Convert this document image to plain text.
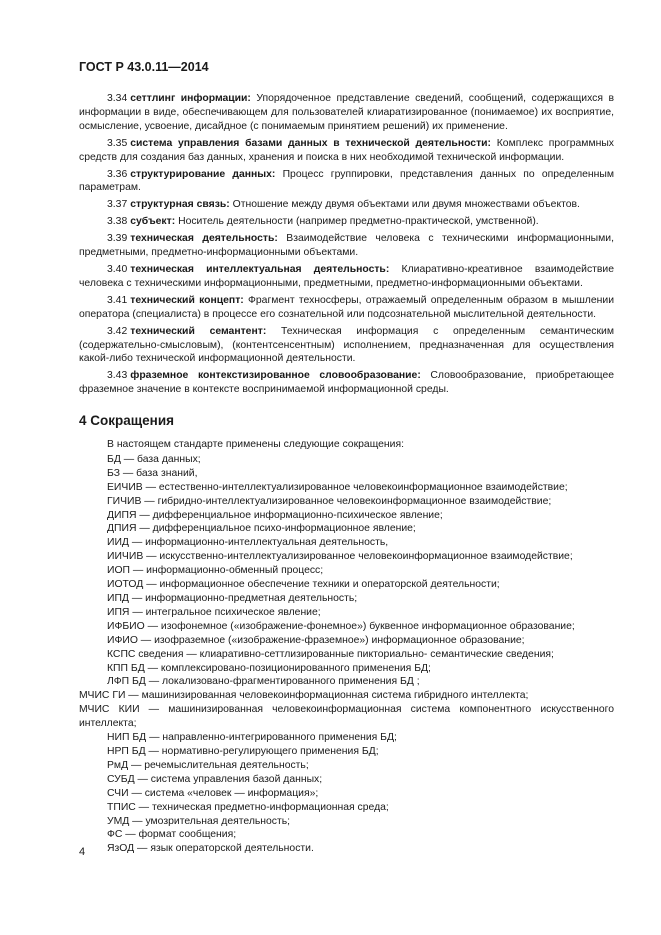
ГОСТ Р 43.0.11—2014

3.34 сеттлинг информации: Упорядоченное представление сведений, сообщений, содержащихся в информации в виде, обеспечивающем для пользователей клиаратизированное (понимаемое) их восприятие, осмысление, усвоение, дисайдное (с понимаемым принятием решений) их применение.

3.35 система управления базами данных в технической деятельности: Комплекс программных средств для создания баз данных, хранения и поиска в них необходимой технической информации.

3.36 структурирование данных: Процесс группировки, представления данных по определенным параметрам.

3.37 структурная связь: Отношение между двумя объектами или двумя множествами объектов.

3.38 субъект: Носитель деятельности (например предметно-практической, умственной).

3.39 техническая деятельность: Взаимодействие человека с техническими информационными, предметными, предметно-информационными объектами.

3.40 техническая интеллектуальная деятельность: Клиаративно-креативное взаимодействие человека с техническими информационными, предметными, предметно-информационными объектами.

3.41 технический концепт: Фрагмент техносферы, отражаемый определенным образом в мышлении оператора (специалиста) в процессе его сознательной или подсознательной мыслительной деятельности.

3.42 технический семантент: Техническая информация с определенным семантическим (содержательно-смысловым), (контентсенсентным) исполнением, предназначенная для осуществления какой-либо технической информационной деятельности.

3.43 фраземное контекстизированное словообразование: Словообразование, приобретающее фраземное значение в контексте воспринимаемой информационной среды.

4 Сокращения

В настоящем стандарте применены следующие сокращения:

БД — база данных;
БЗ — база знаний,
ЕИЧИВ — естественно-интеллектуализированное человекоинформационное взаимодействие;
ГИЧИВ — гибридно-интеллектуализированное человекоинформационное взаимодействие;
ДИПЯ — дифференциальное информационно-психическое явление;
ДПИЯ — дифференциальное психо-информационное явление;
ИИД — информационно-интеллектуальная деятельность,
ИИЧИВ — искусственно-интеллектуализированное человекоинформационное взаимодействие;
ИОП — информационно-обменный процесс;
ИОТОД — информационное обеспечение техники и операторской деятельности;
ИПД — информационно-предметная деятельность;
ИПЯ — интегральное психическое явление;
ИФБИО — изофонемное («изображение-фонемное») буквенное информационное образование;
ИФИО — изофраземное («изображение-фраземное») информационное образование;
КСПС сведения — клиаративно-сеттлизированные пикториально- семантические сведения;
КПП БД — комплексировано-позиционированного применения БД;
ЛФП БД — локализовано-фрагментированного применения БД ;
МЧИС ГИ — машинизированная человекоинформационная система гибридного интеллекта;
МЧИС КИИ — машинизированная человекоинформационная система компонентного искусственного интеллекта;
НИП БД — направленно-интегрированного применения БД;
НРП БД — нормативно-регулирующего применения БД;
РмД — речемыслительная деятельность;
СУБД — система управления базой данных;
СЧИ — система «человек — информация»;
ТПИС — техническая предметно-информационная среда;
УМД — умозрительная деятельность;
ФС — формат сообщения;
ЯзОД — язык операторской деятельности.
4
